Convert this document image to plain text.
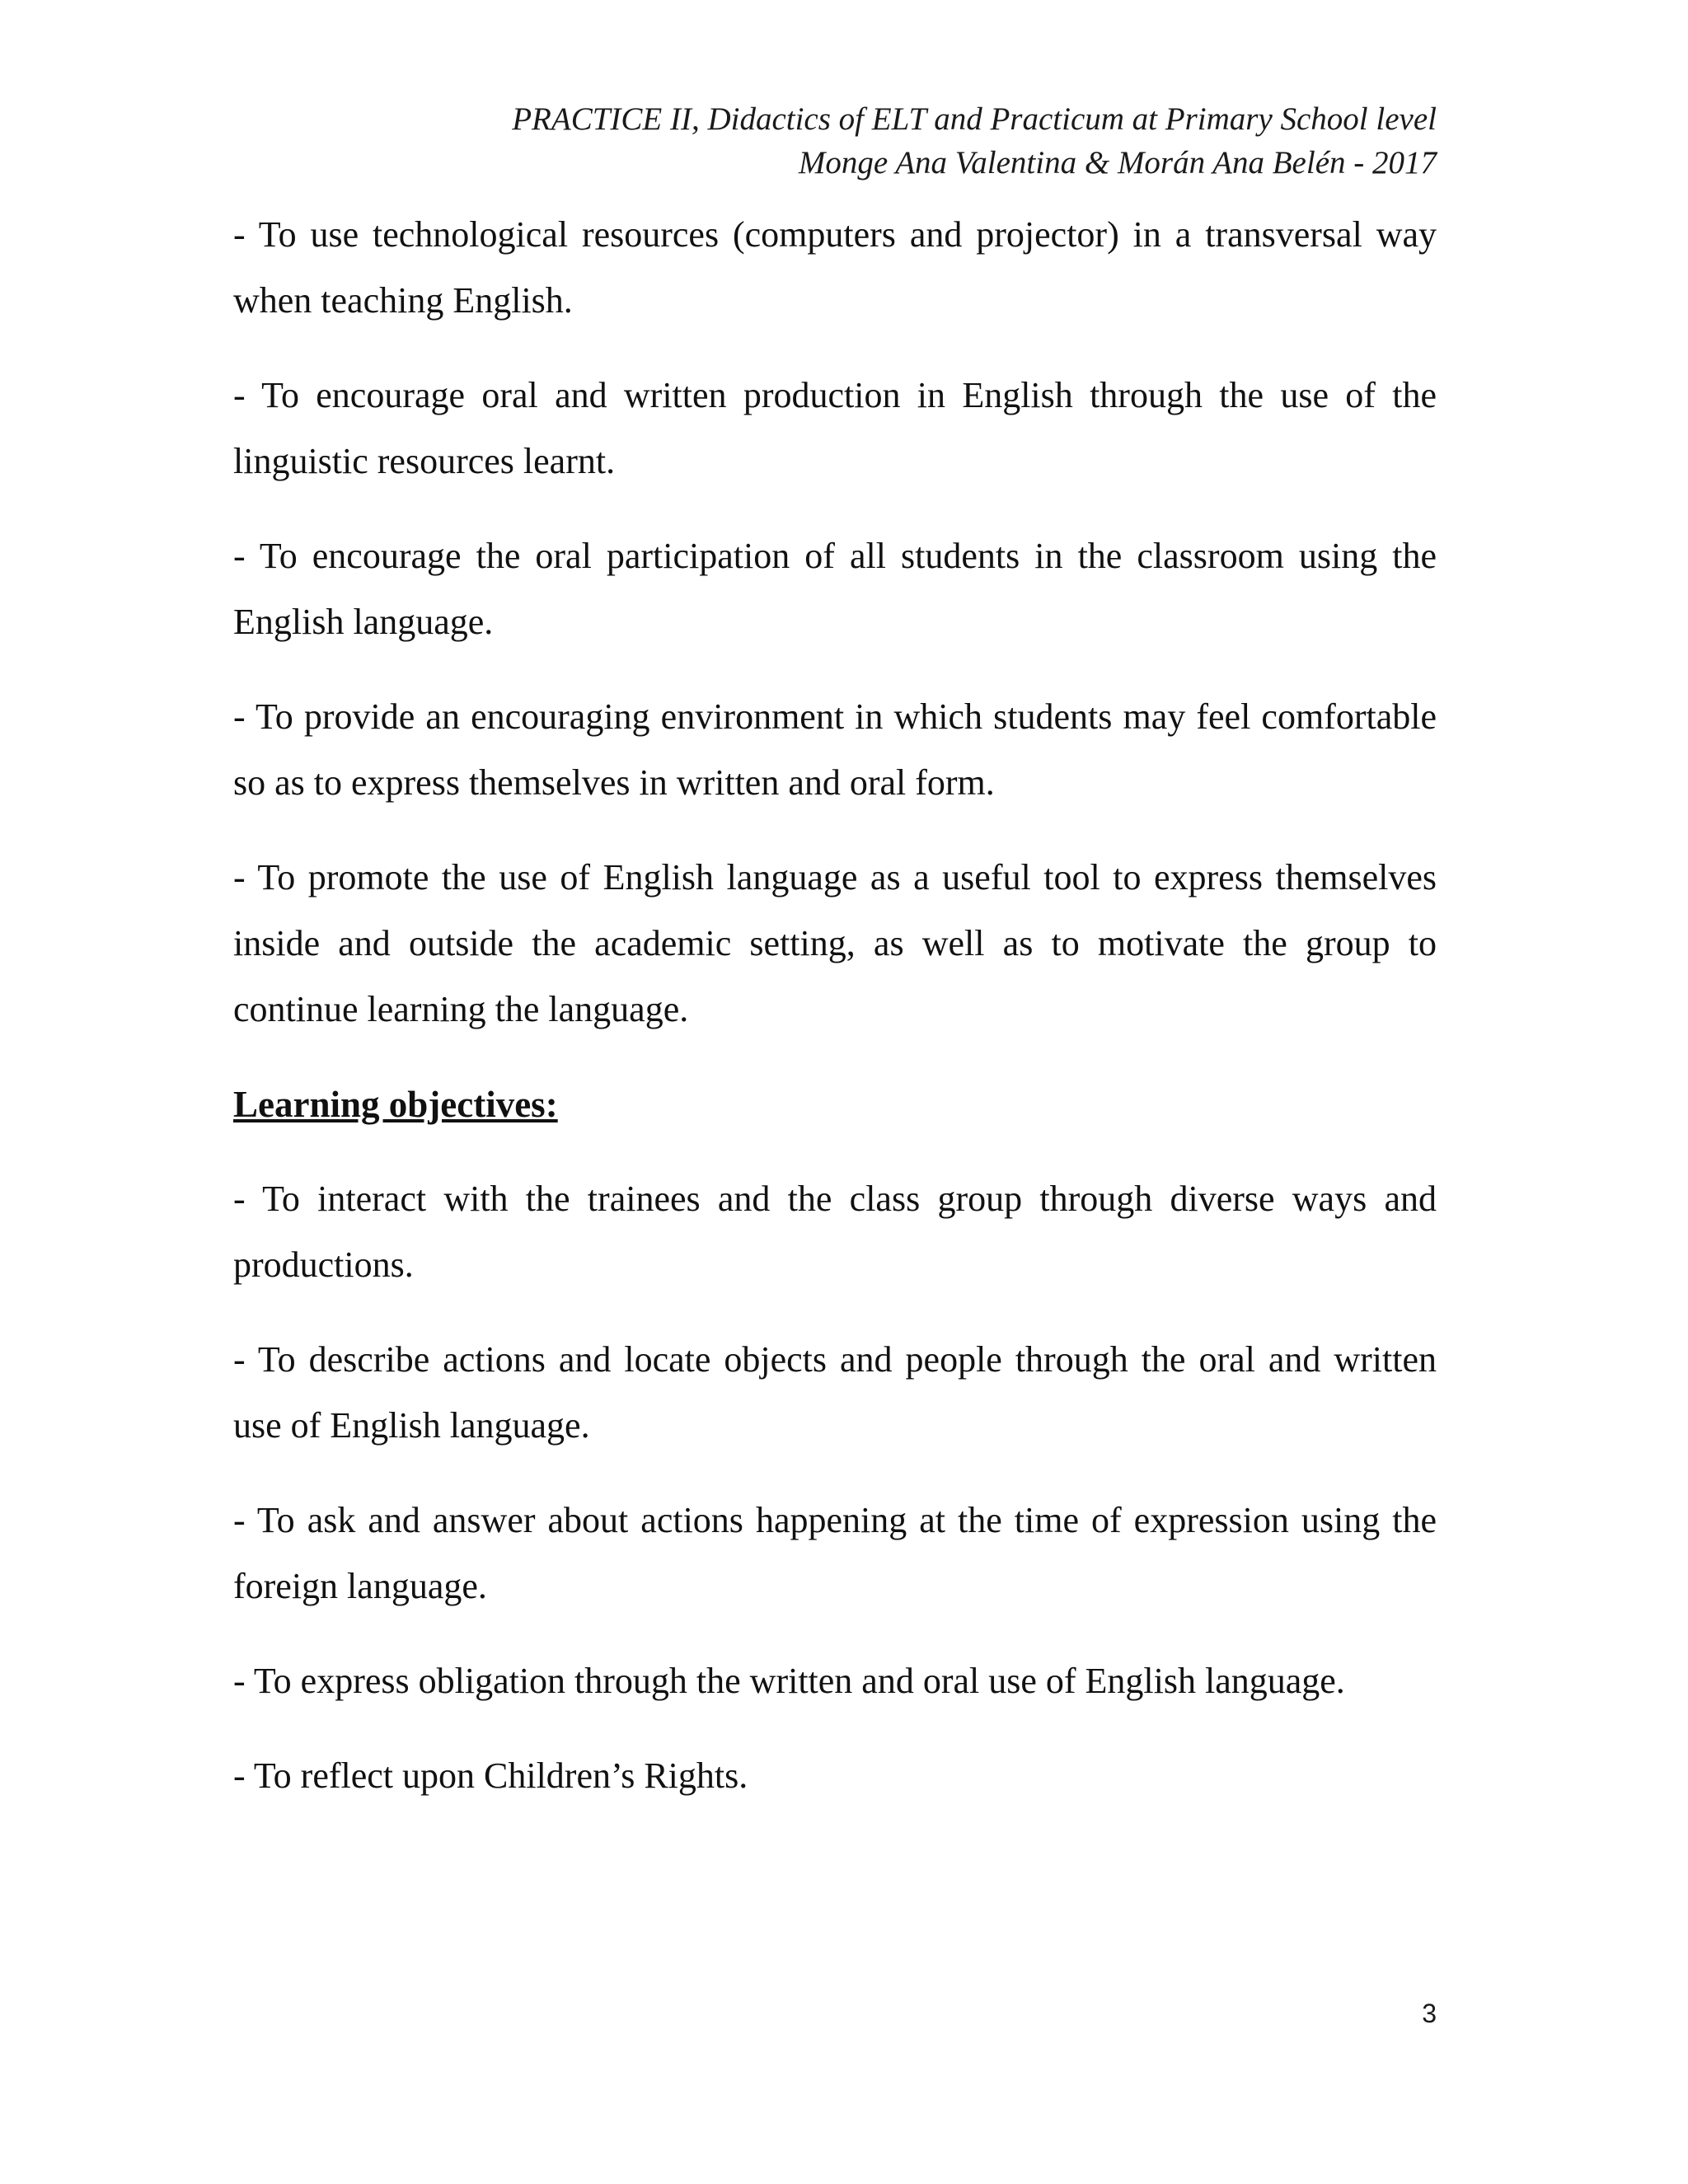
PRACTICE II, Didactics of ELT and Practicum at Primary School level
Monge Ana Valentina & Morán Ana Belén - 2017

- To use technological resources (computers and projector) in a transversal way when teaching English.

- To encourage oral and written production in English through the use of the linguistic resources learnt.

- To encourage the oral participation of all students in the classroom using the English language.

- To provide an encouraging environment in which students may feel comfortable so as to express themselves in written and oral form.

- To promote the use of English language as a useful tool to express themselves inside and outside the academic setting, as well as to motivate the group to continue learning the language.

Learning objectives:

- To interact with the trainees and the class group through diverse ways and productions.

- To describe actions and locate objects and people through the oral and written use of English language.

- To ask and answer about actions happening at the time of expression using the foreign language.

- To express obligation through the written and oral use of English language.

- To reflect upon Children’s Rights.

3
